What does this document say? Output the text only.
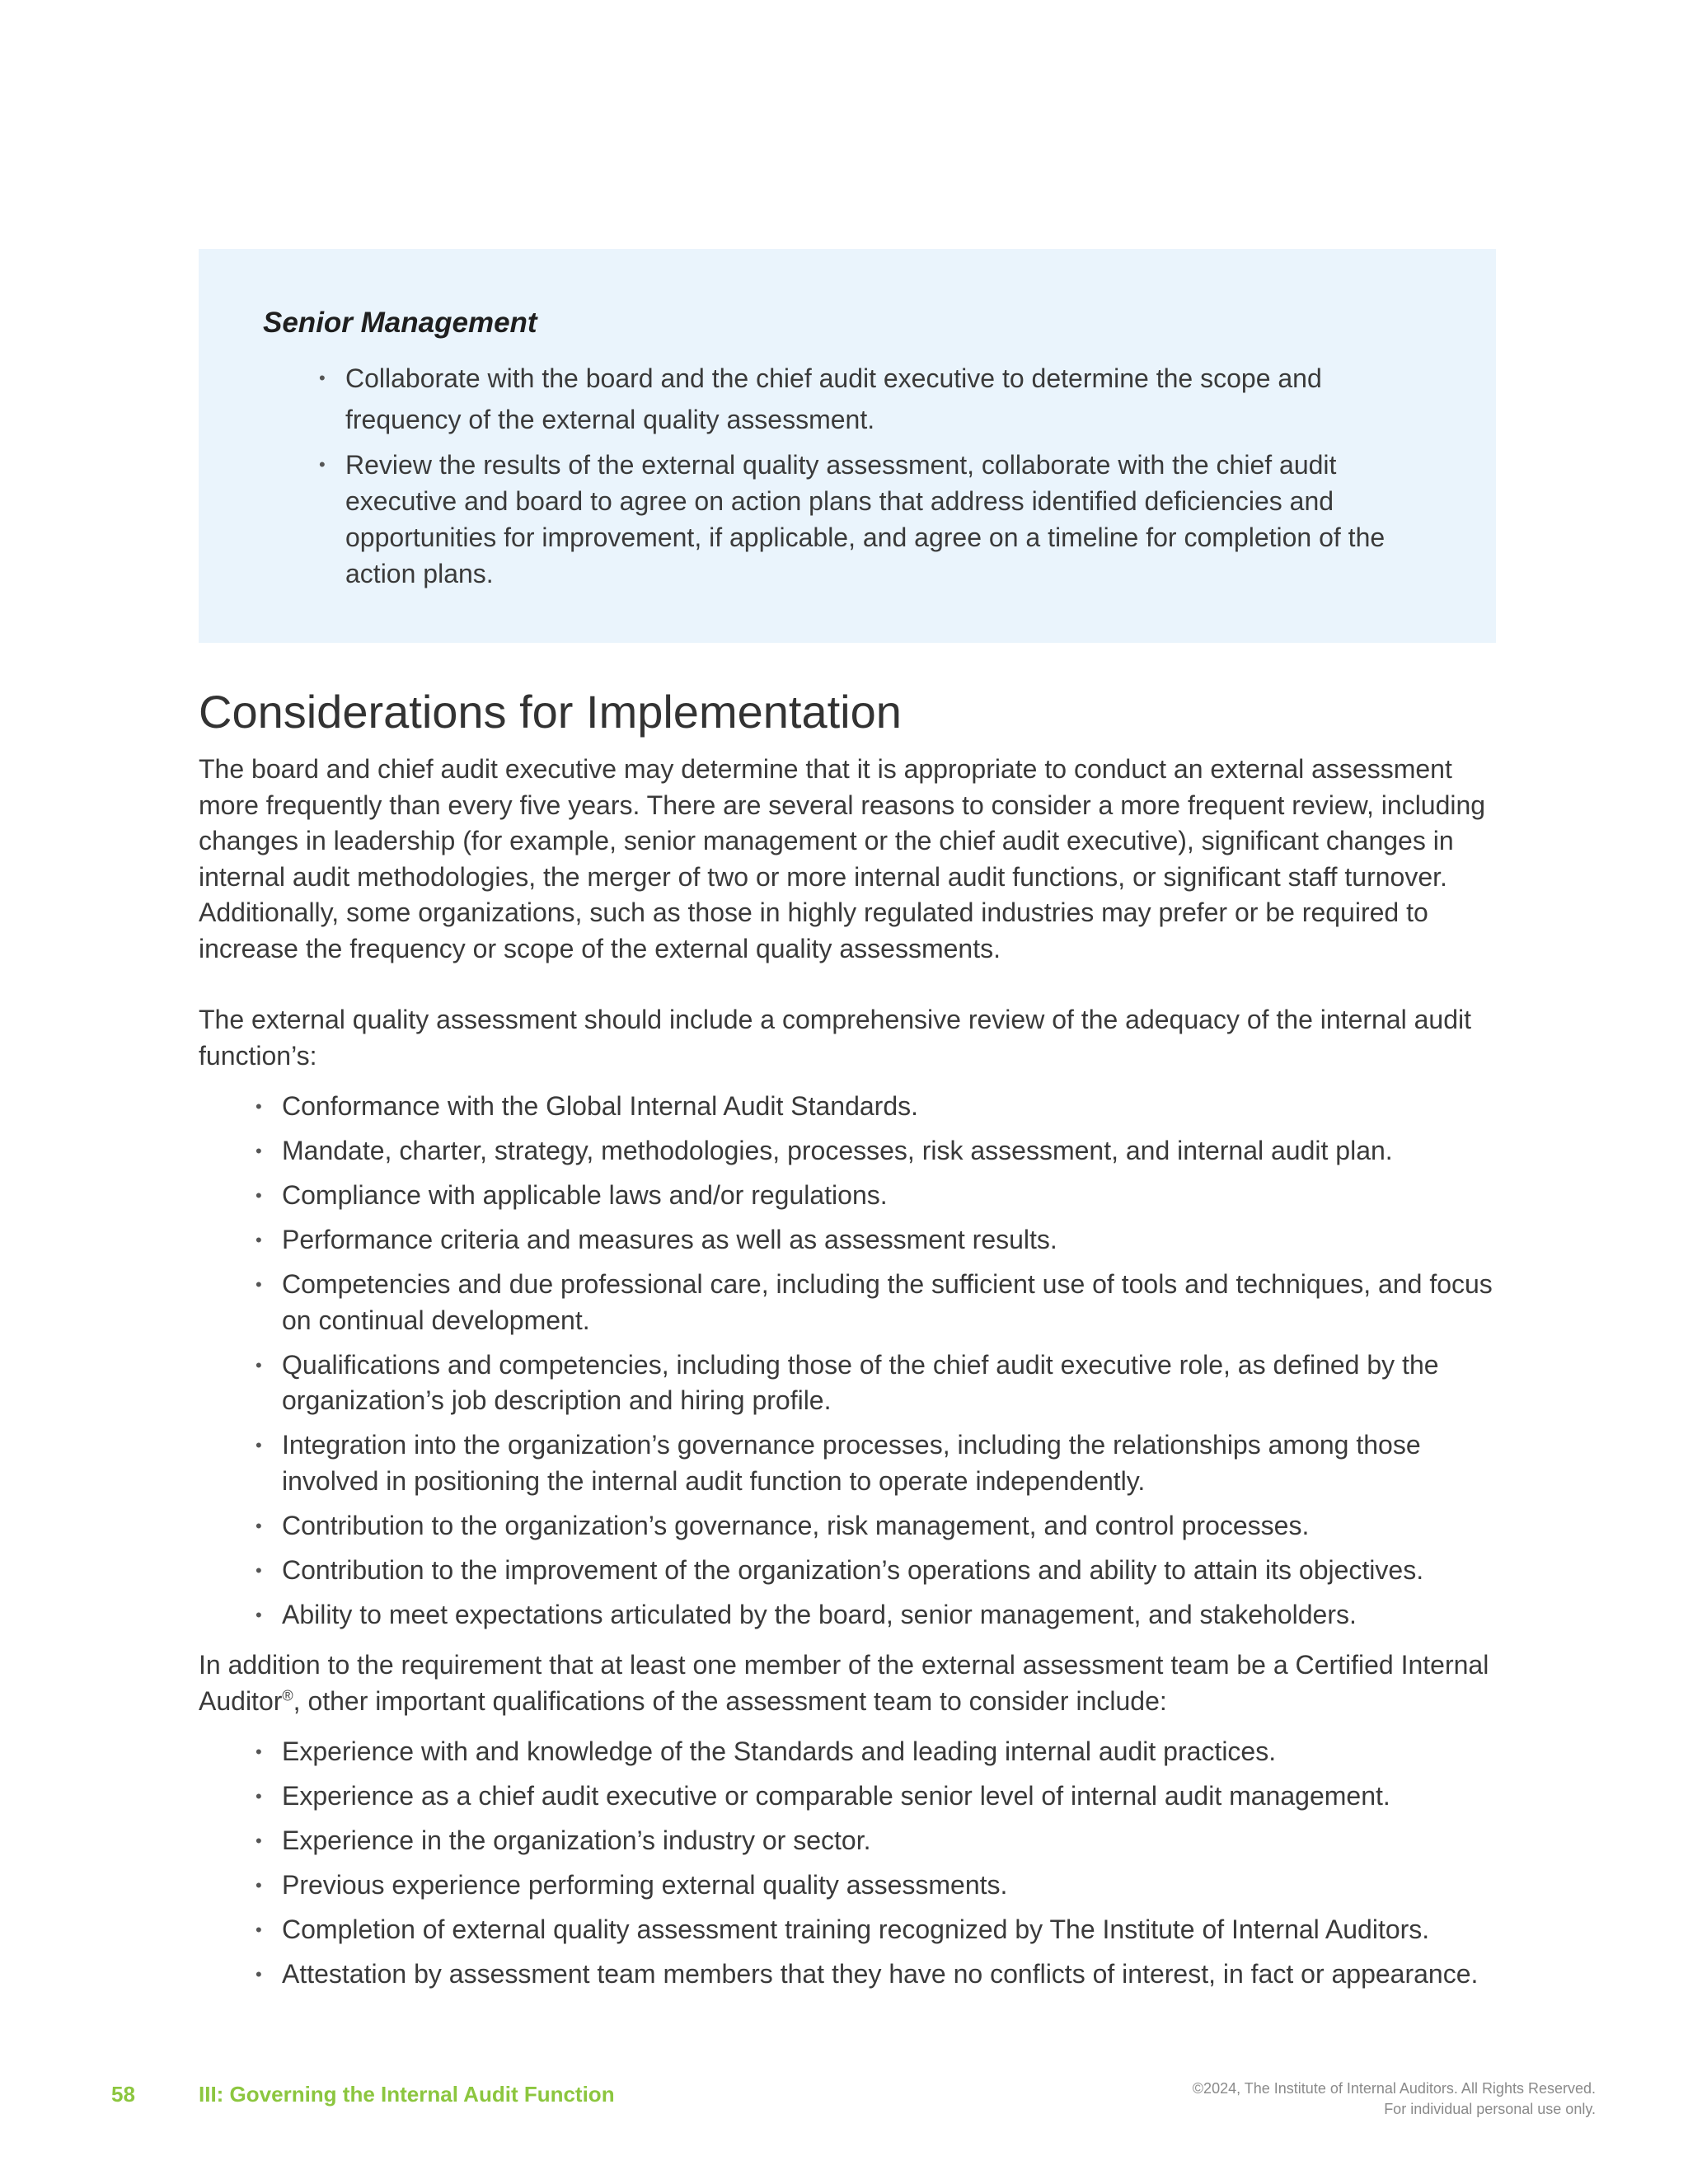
Senior Management
• Collaborate with the board and the chief audit executive to determine the scope and frequency of the external quality assessment.
• Review the results of the external quality assessment, collaborate with the chief audit executive and board to agree on action plans that address identified deficiencies and opportunities for improvement, if applicable, and agree on a timeline for completion of the action plans.
Considerations for Implementation

The board and chief audit executive may determine that it is appropriate to conduct an external assessment more frequently than every five years. There are several reasons to consider a more frequent review, including changes in leadership (for example, senior management or the chief audit executive), significant changes in internal audit methodologies, the merger of two or more internal audit functions, or significant staff turnover. Additionally, some organizations, such as those in highly regulated industries may prefer or be required to increase the frequency or scope of the external quality assessments.

The external quality assessment should include a comprehensive review of the adequacy of the internal audit function’s:

• Conformance with the Global Internal Audit Standards.
• Mandate, charter, strategy, methodologies, processes, risk assessment, and internal audit plan.
• Compliance with applicable laws and/or regulations.
• Performance criteria and measures as well as assessment results.
• Competencies and due professional care, including the sufficient use of tools and techniques, and focus on continual development.
• Qualifications and competencies, including those of the chief audit executive role, as defined by the organization’s job description and hiring profile.
• Integration into the organization’s governance processes, including the relationships among those involved in positioning the internal audit function to operate independently.
• Contribution to the organization’s governance, risk management, and control processes.
• Contribution to the improvement of the organization’s operations and ability to attain its objectives.
• Ability to meet expectations articulated by the board, senior management, and stakeholders.

In addition to the requirement that at least one member of the external assessment team be a Certified Internal Auditor®, other important qualifications of the assessment team to consider include:

• Experience with and knowledge of the Standards and leading internal audit practices.
• Experience as a chief audit executive or comparable senior level of internal audit management.
• Experience in the organization’s industry or sector.
• Previous experience performing external quality assessments.
• Completion of external quality assessment training recognized by The Institute of Internal Auditors.
• Attestation by assessment team members that they have no conflicts of interest, in fact or appearance.
58	III: Governing the Internal Audit Function	©2024, The Institute of Internal Auditors. All Rights Reserved.
For individual personal use only.
